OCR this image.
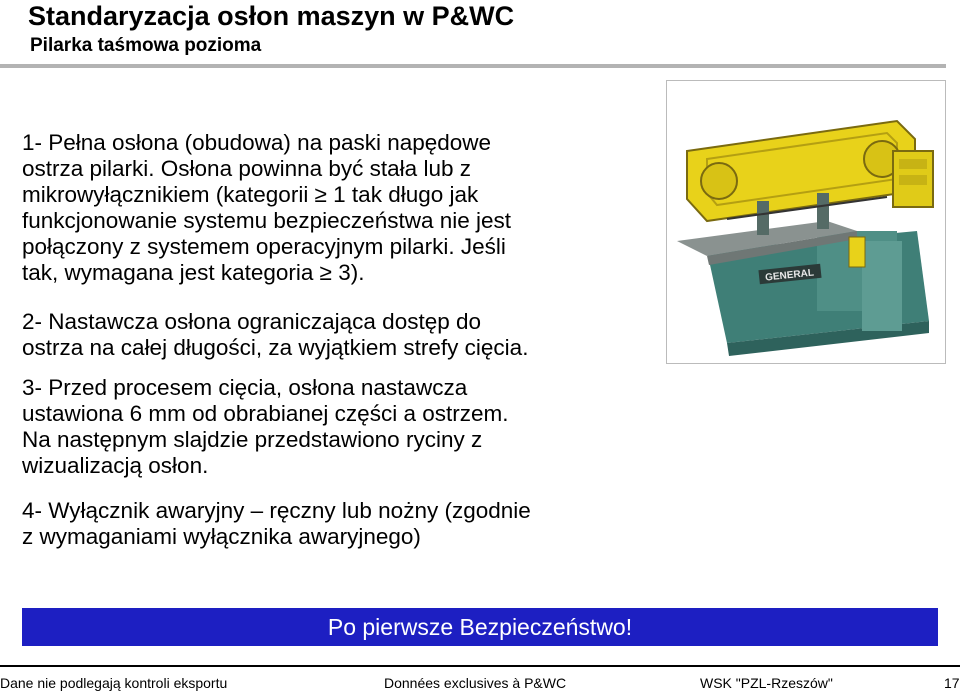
Standaryzacja osłon maszyn w P&WC
Pilarka taśmowa pozioma
1- Pełna osłona (obudowa) na paski napędowe
ostrza pilarki. Osłona powinna być stała lub z
mikrowyłącznikiem (kategorii ≥ 1 tak długo jak
funkcjonowanie systemu bezpieczeństwa nie jest
połączony z systemem operacyjnym pilarki. Jeśli
tak, wymagana jest kategoria ≥ 3).
2- Nastawcza osłona ograniczająca dostęp do
ostrza na całej długości, za wyjątkiem strefy cięcia.
3- Przed procesem cięcia, osłona nastawcza
ustawiona 6 mm od obrabianej części a ostrzem.
Na następnym slajdzie przedstawiono ryciny z
wizualizacją osłon.
4- Wyłącznik awaryjny – ręczny lub nożny (zgodnie
z wymaganiami wyłącznika awaryjnego)
GENERAL
Po pierwsze Bezpieczeństwo!
Dane nie podlegają kontroli eksportu	Données exclusives à P&WC	WSK "PZL-Rzeszów"	17
